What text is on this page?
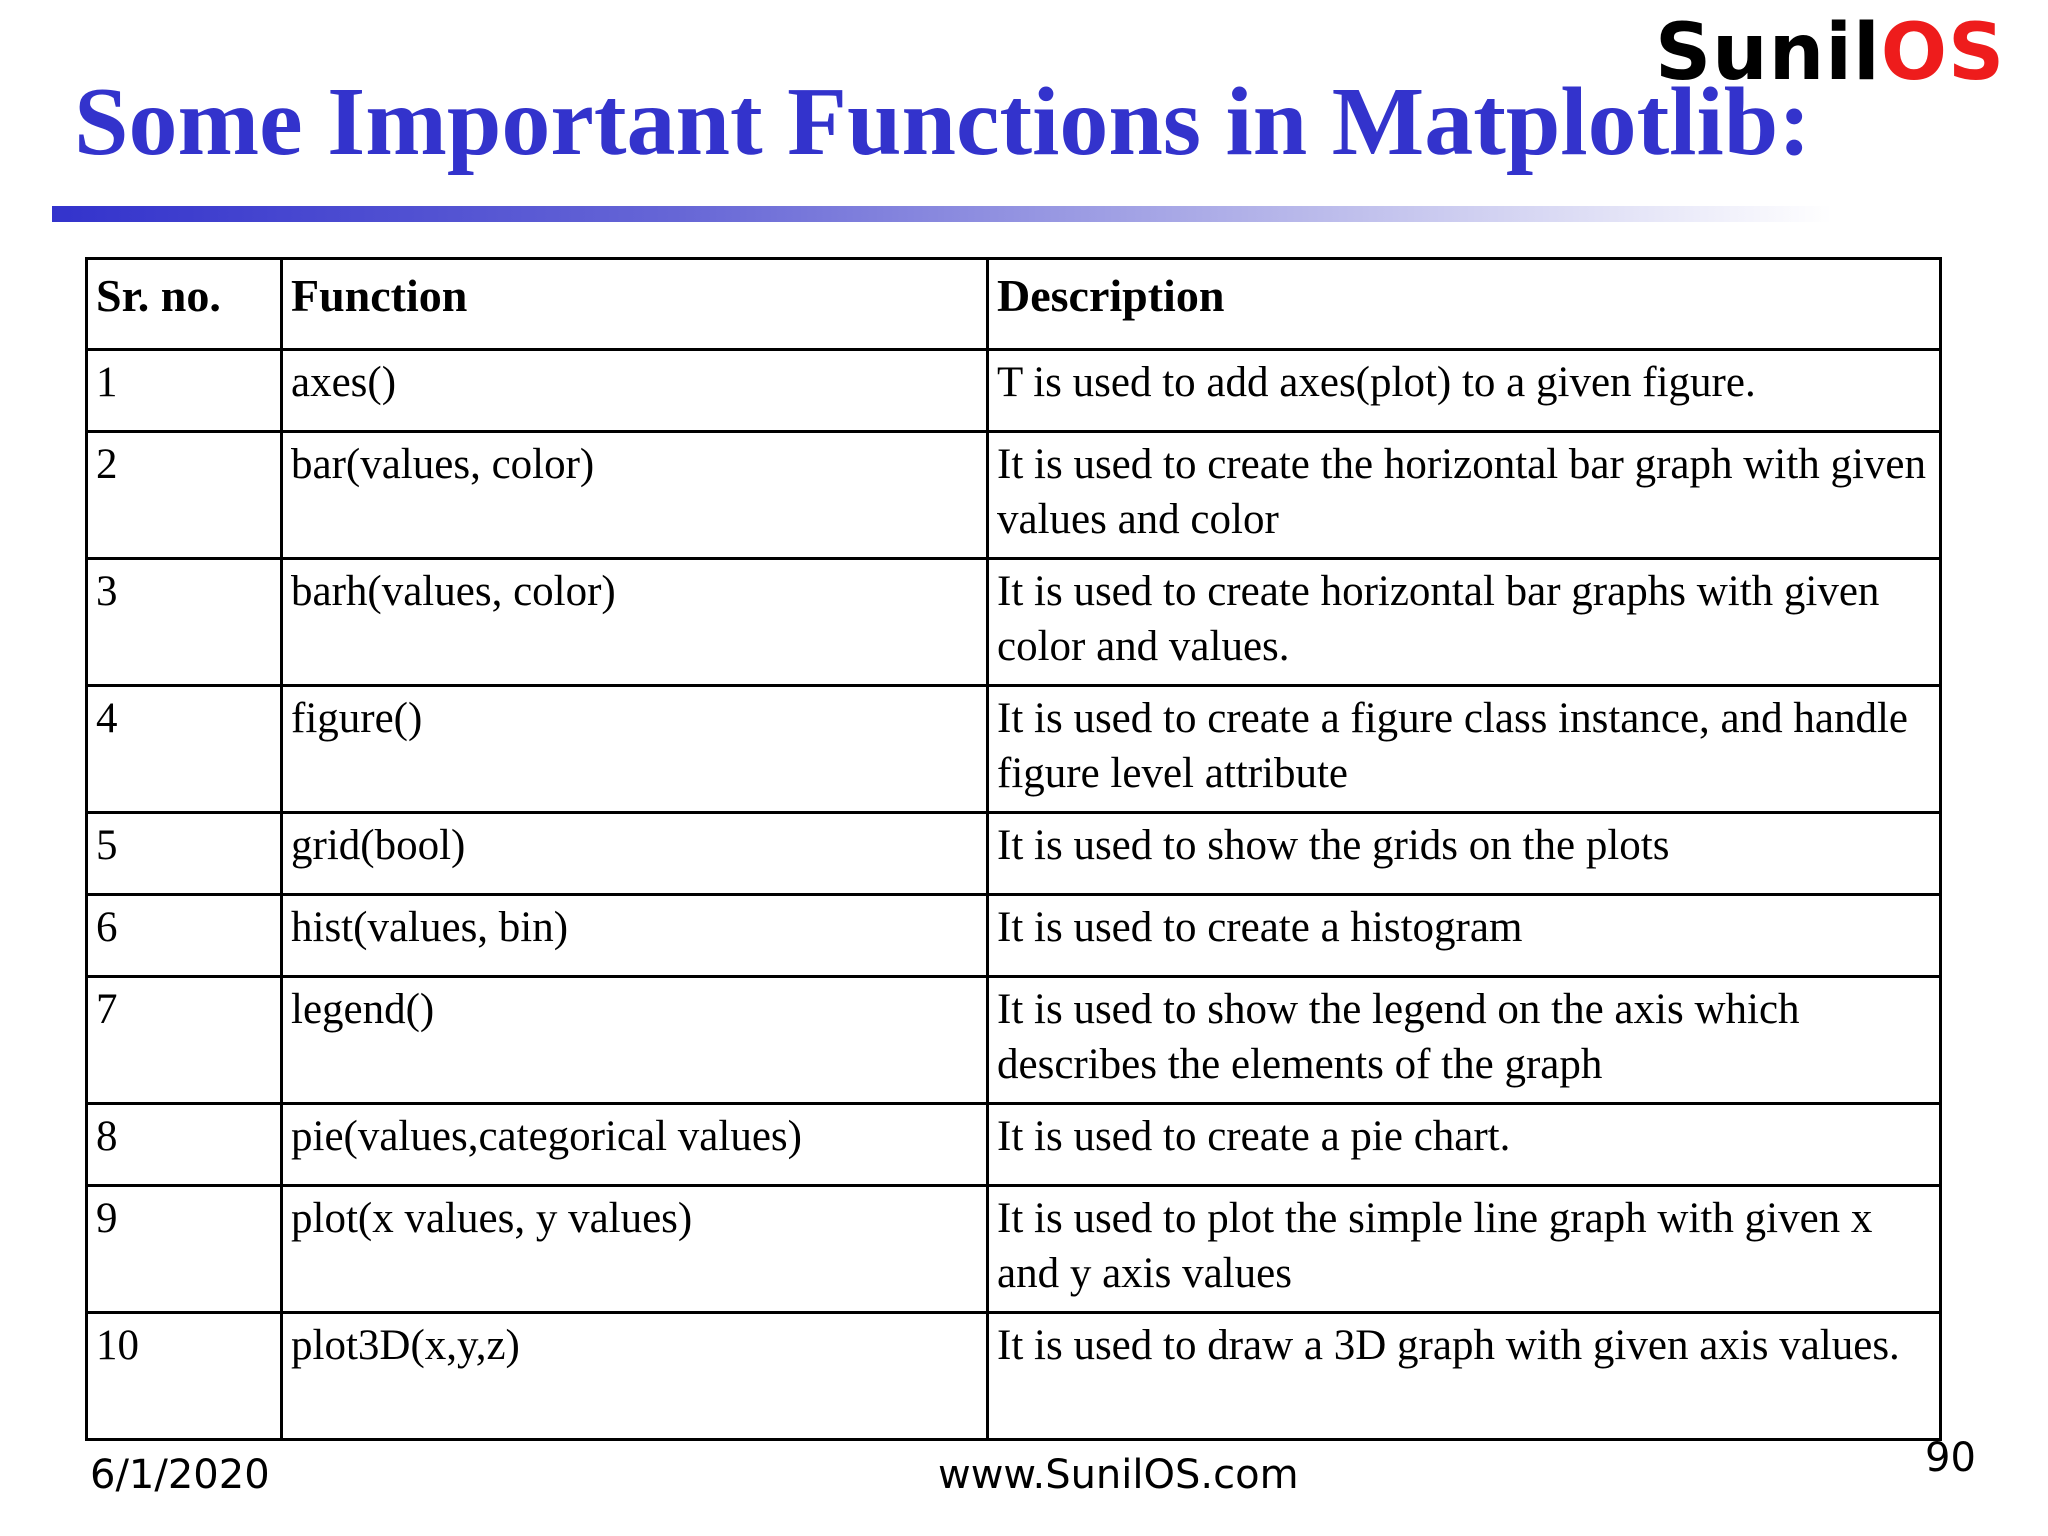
SunilOS
Some Important Functions in Matplotlib:
Sr. no.	Function	Description
1	axes()	T is used to add axes(plot) to a given figure.
2	bar(values, color)	It is used to create the horizontal bar graph with given values and color
3	barh(values, color)	It is used to create horizontal bar graphs with given color and values.
4	figure()	It is used to create a figure class instance, and handle figure level attribute
5	grid(bool)	It is used to show the grids on the plots
6	hist(values, bin)	It is used to create a histogram
7	legend()	It is used to show the legend on the axis which describes the elements of the graph
8	pie(values,categorical values)	It is used to create a pie chart.
9	plot(x values, y values)	It is used to plot the simple line graph with given x and y axis values
10	plot3D(x,y,z)	It is used to draw a 3D graph with given axis values.
6/1/2020	www.SunilOS.com	90
